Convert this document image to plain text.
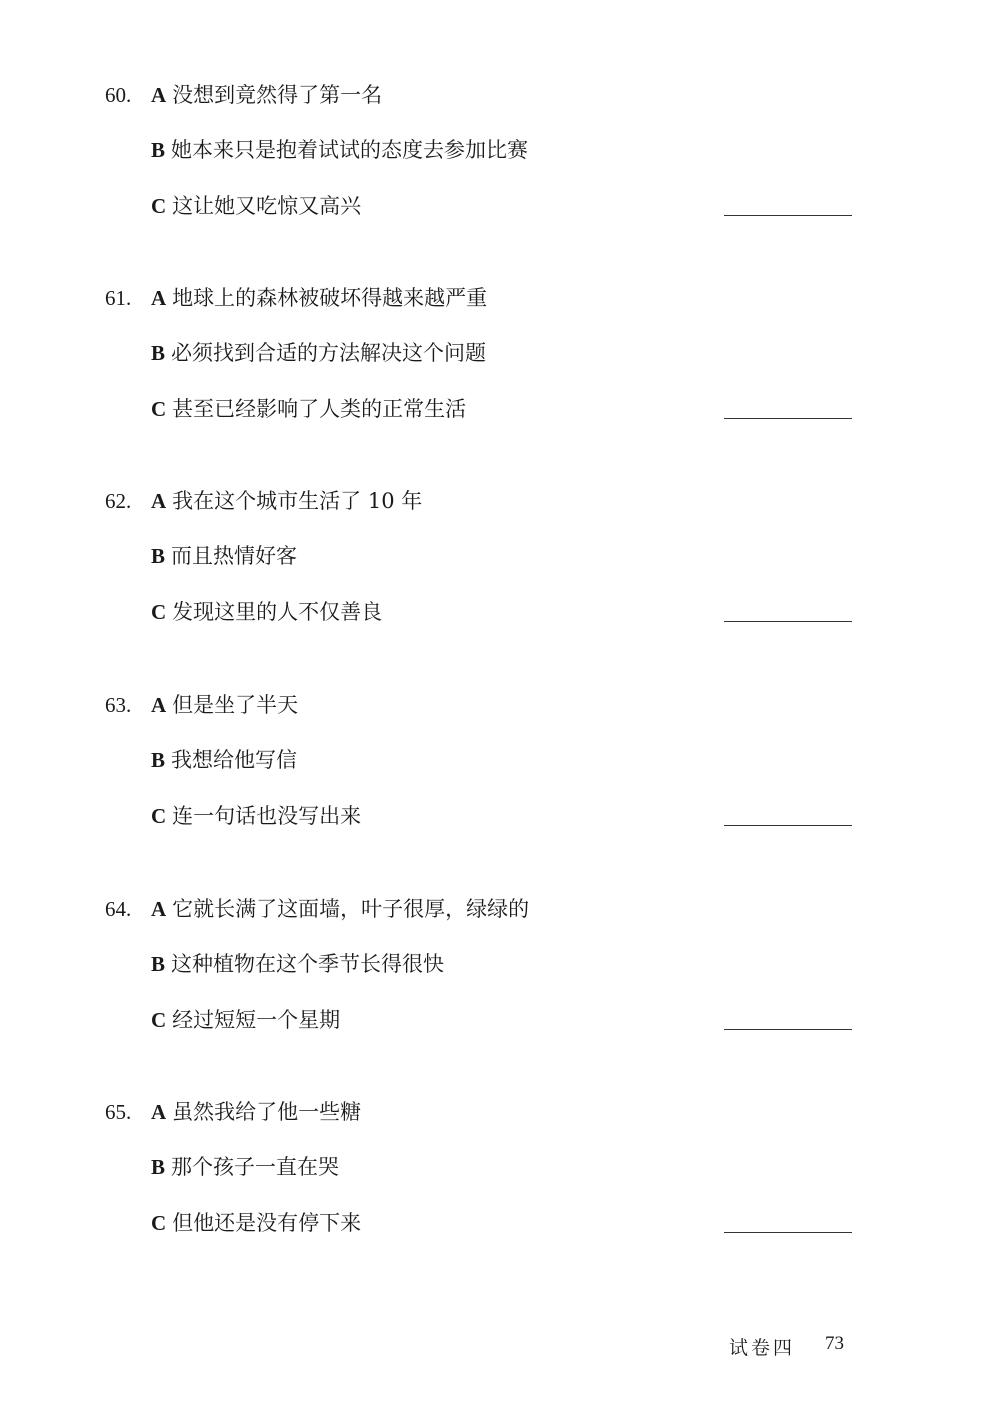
60. A 没想到竟然得了第一名
B 她本来只是抱着试试的态度去参加比赛
C 这让她又吃惊又高兴
61. A 地球上的森林被破坏得越来越严重
B 必须找到合适的方法解决这个问题
C 甚至已经影响了人类的正常生活
62. A 我在这个城市生活了 10 年
B 而且热情好客
C 发现这里的人不仅善良
63. A 但是坐了半天
B 我想给他写信
C 连一句话也没写出来
64. A 它就长满了这面墙，叶子很厚，绿绿的
B 这种植物在这个季节长得很快
C 经过短短一个星期
65. A 虽然我给了他一些糖
B 那个孩子一直在哭
C 但他还是没有停下来
试卷四 73
